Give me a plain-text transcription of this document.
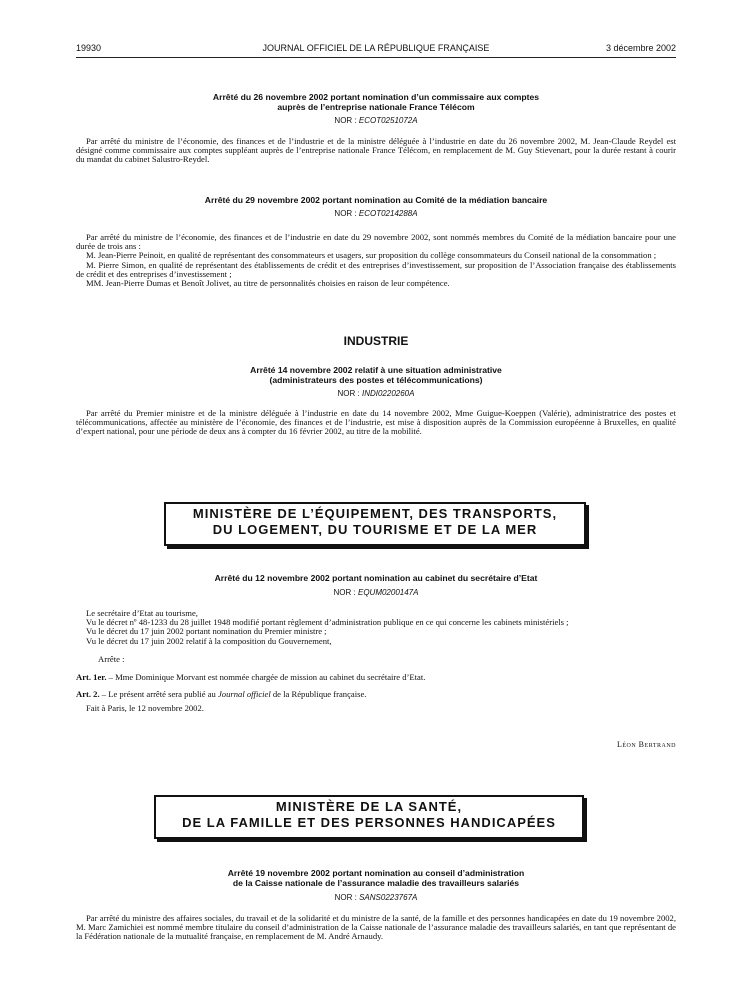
19930	JOURNAL OFFICIEL DE LA RÉPUBLIQUE FRANÇAISE	3 décembre 2002
Arrêté du 26 novembre 2002 portant nomination d’un commissaire aux comptes
auprès de l’entreprise nationale France Télécom
NOR : ECOT0251072A

Par arrêté du ministre de l’économie, des finances et de l’industrie et de la ministre déléguée à l’industrie en date du 26 novembre 2002, M. Jean-Claude Reydel est désigné comme commissaire aux comptes suppléant auprès de l’entreprise nationale France Télécom, en remplacement de M. Guy Stievenart, pour la durée restant à courir du mandat du cabinet Salustro-Reydel.

Arrêté du 29 novembre 2002 portant nomination au Comité de la médiation bancaire
NOR : ECOT0214288A

Par arrêté du ministre de l’économie, des finances et de l’industrie en date du 29 novembre 2002, sont nommés membres du Comité de la médiation bancaire pour une durée de trois ans :

M. Jean-Pierre Peinoit, en qualité de représentant des consommateurs et usagers, sur proposition du collège consommateurs du Conseil national de la consommation ;

M. Pierre Simon, en qualité de représentant des établissements de crédit et des entreprises d’investissement, sur proposition de l’Association française des établissements de crédit et des entreprises d’investissement ;

MM. Jean-Pierre Dumas et Benoît Jolivet, au titre de personnalités choisies en raison de leur compétence.

INDUSTRIE
Arrêté 14 novembre 2002 relatif à une situation administrative
(administrateurs des postes et télécommunications)
NOR : INDI0220260A

Par arrêté du Premier ministre et de la ministre déléguée à l’industrie en date du 14 novembre 2002, Mme Guigue-Koeppen (Valérie), administratrice des postes et télécommunications, affectée au ministère de l’économie, des finances et de l’industrie, est mise à disposition auprès de la Commission européenne à Bruxelles, en qualité d’expert national, pour une période de deux ans à compter du 16 février 2002, au titre de la mobilité.

MINISTÈRE DE L’ÉQUIPEMENT, DES TRANSPORTS,
DU LOGEMENT, DU TOURISME ET DE LA MER
Arrêté du 12 novembre 2002 portant nomination au cabinet du secrétaire d’Etat
NOR : EQUM0200147A

Le secrétaire d’Etat au tourisme,

Vu le décret nº 48-1233 du 28 juillet 1948 modifié portant règlement d’administration publique en ce qui concerne les cabinets ministériels ;

Vu le décret du 17 juin 2002 portant nomination du Premier ministre ;

Vu le décret du 17 juin 2002 relatif à la composition du Gouvernement,

Arrête :

Art. 1er. – Mme Dominique Morvant est nommée chargée de mission au cabinet du secrétaire d’Etat.

Art. 2. – Le présent arrêté sera publié au Journal officiel de la République française.

Fait à Paris, le 12 novembre 2002.

Léon Bertrand
MINISTÈRE DE LA SANTÉ,
DE LA FAMILLE ET DES PERSONNES HANDICAPÉES
Arrêté 19 novembre 2002 portant nomination au conseil d’administration
de la Caisse nationale de l’assurance maladie des travailleurs salariés
NOR : SANS0223767A

Par arrêté du ministre des affaires sociales, du travail et de la solidarité et du ministre de la santé, de la famille et des personnes handicapées en date du 19 novembre 2002, M. Marc Zamichiei est nommé membre titulaire du conseil d’administration de la Caisse nationale de l’assurance maladie des travailleurs salariés, en tant que représentant de la Fédération nationale de la mutualité française, en remplacement de M. André Arnaudy.
